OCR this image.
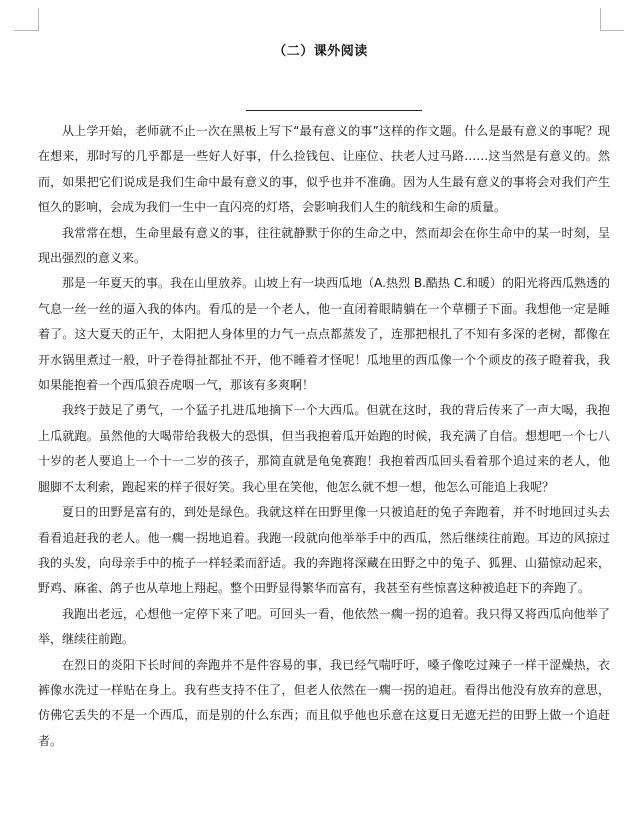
（二）课外阅读

从上学开始，老师就不止一次在黑板上写下“最有意义的事”这样的作文题。什么是最有意义的事呢？现在想来，那时写的几乎都是一些好人好事，什么捡钱包、让座位、扶老人过马路……这当然是有意义的。然而，如果把它们说成是我们生命中最有意义的事，似乎也并不准确。因为人生最有意义的事将会对我们产生恒久的影响，会成为我们一生中一直闪亮的灯塔，会影响我们人生的航线和生命的质量。

我常常在想，生命里最有意义的事，往往就静默于你的生命之中，然而却会在你生命中的某一时刻，呈现出强烈的意义来。

那是一年夏天的事。我在山里放养。山坡上有一块西瓜地（A.热烈 B.酷热 C.和暖）的阳光将西瓜熟透的气息一丝一丝的逼入我的体内。看瓜的是一个老人，他一直闭着眼睛躺在一个草棚子下面。我想他一定是睡着了。这大夏天的正午，太阳把人身体里的力气一点点都蒸发了，连那把根扎了不知有多深的老树，都像在开水锅里煮过一般，叶子卷得扯都扯不开，他不睡着才怪呢！瓜地里的西瓜像一个个顽皮的孩子瞪着我，我如果能抱着一个西瓜狼吞虎咽一气，那该有多爽啊！

我终于鼓足了勇气，一个猛子扎进瓜地摘下一个大西瓜。但就在这时，我的背后传来了一声大喝，我抱上瓜就跑。虽然他的大喝带给我极大的恐惧，但当我抱着瓜开始跑的时候，我充满了自信。想想吧一个七八十岁的老人要追上一个十一二岁的孩子，那简直就是龟兔赛跑！我抱着西瓜回头看着那个追过来的老人，他腿脚不太利索，跑起来的样子很好笑。我心里在笑他，他怎么就不想一想，他怎么可能追上我呢？

夏日的田野是富有的，到处是绿色。我就这样在田野里像一只被追赶的兔子奔跑着，并不时地回过头去看看追赶我的老人。他一瘸一拐地追着。我跑一段就向他举举手中的西瓜，然后继续往前跑。耳边的风掠过我的头发，向母亲手中的梳子一样轻柔而舒适。我的奔跑将深藏在田野之中的兔子、狐狸、山猫惊动起来，野鸡、麻雀、鸽子也从草地上翔起。整个田野显得繁华而富有，我甚至有些惊喜这种被追赶下的奔跑了。

我跑出老远，心想他一定停下来了吧。可回头一看，他依然一瘸一拐的追着。我只得又将西瓜向他举了举，继续往前跑。

在烈日的炎阳下长时间的奔跑并不是件容易的事，我已经气喘吁吁，嗓子像吃过辣子一样干涩燥热，衣裤像水洗过一样贴在身上。我有些支持不住了，但老人依然在一瘸一拐的追赶。看得出他没有放弃的意思，仿佛它丢失的不是一个西瓜，而是别的什么东西；而且似乎他也乐意在这夏日无遮无拦的田野上做一个追赶者。
